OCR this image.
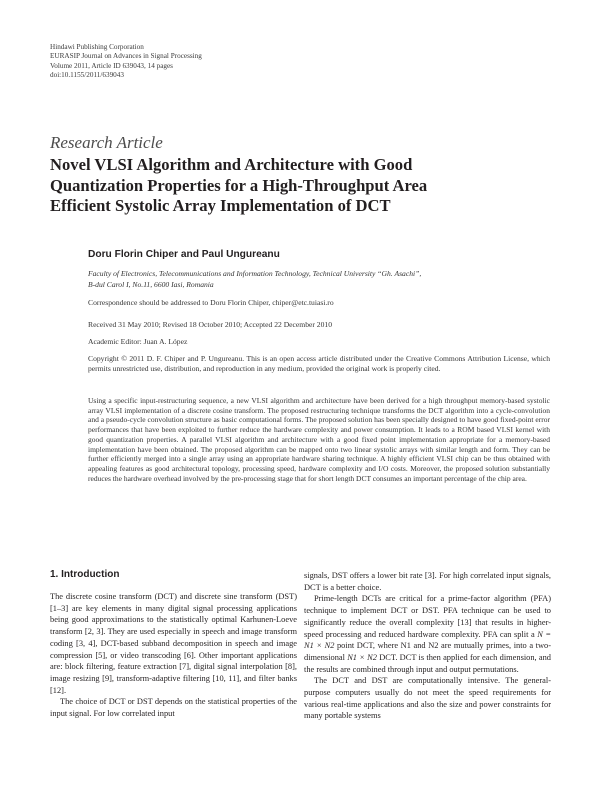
Hindawi Publishing Corporation
EURASIP Journal on Advances in Signal Processing
Volume 2011, Article ID 639043, 14 pages
doi:10.1155/2011/639043
Research Article
Novel VLSI Algorithm and Architecture with Good
Quantization Properties for a High-Throughput Area
Efficient Systolic Array Implementation of DCT
Doru Florin Chiper and Paul Ungureanu
Faculty of Electronics, Telecommunications and Information Technology, Technical University “Gh. Asachi”,
B-dul Carol I, No.11, 6600 Iasi, Romania
Correspondence should be addressed to Doru Florin Chiper, chiper@etc.tuiasi.ro
Received 31 May 2010; Revised 18 October 2010; Accepted 22 December 2010
Academic Editor: Juan A. López
Copyright © 2011 D. F. Chiper and P. Ungureanu. This is an open access article distributed under the Creative Commons Attribution License, which permits unrestricted use, distribution, and reproduction in any medium, provided the original work is properly cited.
Using a specific input-restructuring sequence, a new VLSI algorithm and architecture have been derived for a high throughput memory-based systolic array VLSI implementation of a discrete cosine transform. The proposed restructuring technique transforms the DCT algorithm into a cycle-convolution and a pseudo-cycle convolution structure as basic computational forms. The proposed solution has been specially designed to have good fixed-point error performances that have been exploited to further reduce the hardware complexity and power consumption. It leads to a ROM based VLSI kernel with good quantization properties. A parallel VLSI algorithm and architecture with a good fixed point implementation appropriate for a memory-based implementation have been obtained. The proposed algorithm can be mapped onto two linear systolic arrays with similar length and form. They can be further efficiently merged into a single array using an appropriate hardware sharing technique. A highly efficient VLSI chip can be thus obtained with appealing features as good architectural topology, processing speed, hardware complexity and I/O costs. Moreover, the proposed solution substantially reduces the hardware overhead involved by the pre-processing stage that for short length DCT consumes an important percentage of the chip area.
1. Introduction

The discrete cosine transform (DCT) and discrete sine transform (DST) [1–3] are key elements in many digital signal processing applications being good approximations to the statistically optimal Karhunen-Loeve transform [2, 3]. They are used especially in speech and image transform coding [3, 4], DCT-based subband decomposition in speech and image compression [5], or video transcoding [6]. Other important applications are: block filtering, feature extraction [7], digital signal interpolation [8], image resizing [9], transform-adaptive filtering [10, 11], and filter banks [12].

The choice of DCT or DST depends on the statistical properties of the input signal. For low correlated input

signals, DST offers a lower bit rate [3]. For high correlated input signals, DCT is a better choice.

Prime-length DCTs are critical for a prime-factor algorithm (PFA) technique to implement DCT or DST. PFA technique can be used to significantly reduce the overall complexity [13] that results in higher-speed processing and reduced hardware complexity. PFA can split a N = N1 × N2 point DCT, where N1 and N2 are mutually primes, into a two-dimensional N1 × N2 DCT. DCT is then applied for each dimension, and the results are combined through input and output permutations.

The DCT and DST are computationally intensive. The general-purpose computers usually do not meet the speed requirements for various real-time applications and also the size and power constraints for many portable systems
